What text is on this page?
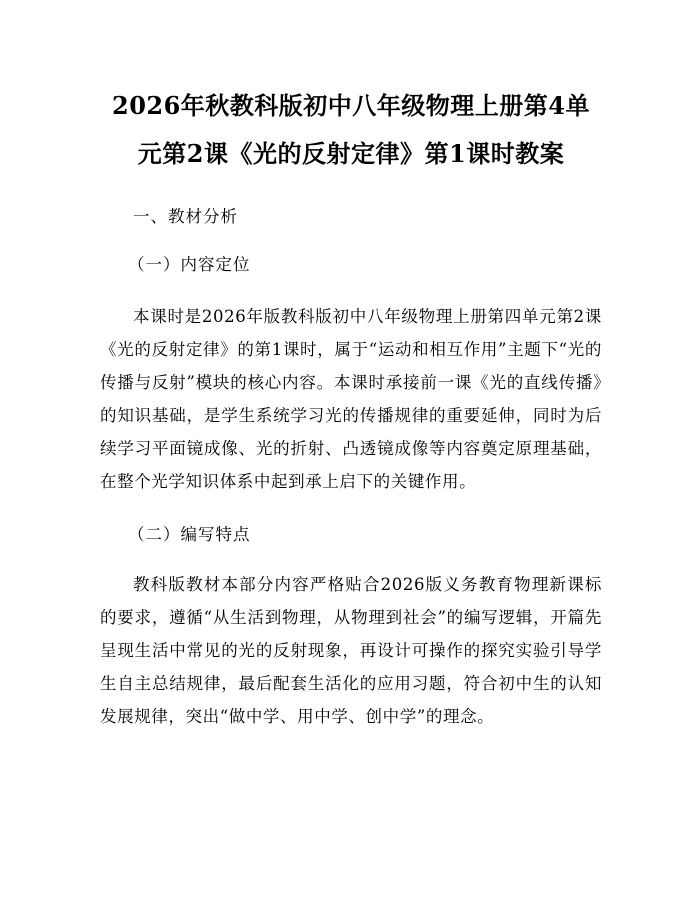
2026年秋教科版初中八年级物理上册第4单元第2课《光的反射定律》第1课时教案

一、教材分析

（一）内容定位

本课时是2026年版教科版初中八年级物理上册第四单元第2课《光的反射定律》的第1课时，属于“运动和相互作用”主题下“光的传播与反射”模块的核心内容。本课时承接前一课《光的直线传播》的知识基础，是学生系统学习光的传播规律的重要延伸，同时为后续学习平面镜成像、光的折射、凸透镜成像等内容奠定原理基础，在整个光学知识体系中起到承上启下的关键作用。

（二）编写特点

教科版教材本部分内容严格贴合2026版义务教育物理新课标的要求，遵循“从生活到物理，从物理到社会”的编写逻辑，开篇先呈现生活中常见的光的反射现象，再设计可操作的探究实验引导学生自主总结规律，最后配套生活化的应用习题，符合初中生的认知发展规律，突出“做中学、用中学、创中学”的理念。
